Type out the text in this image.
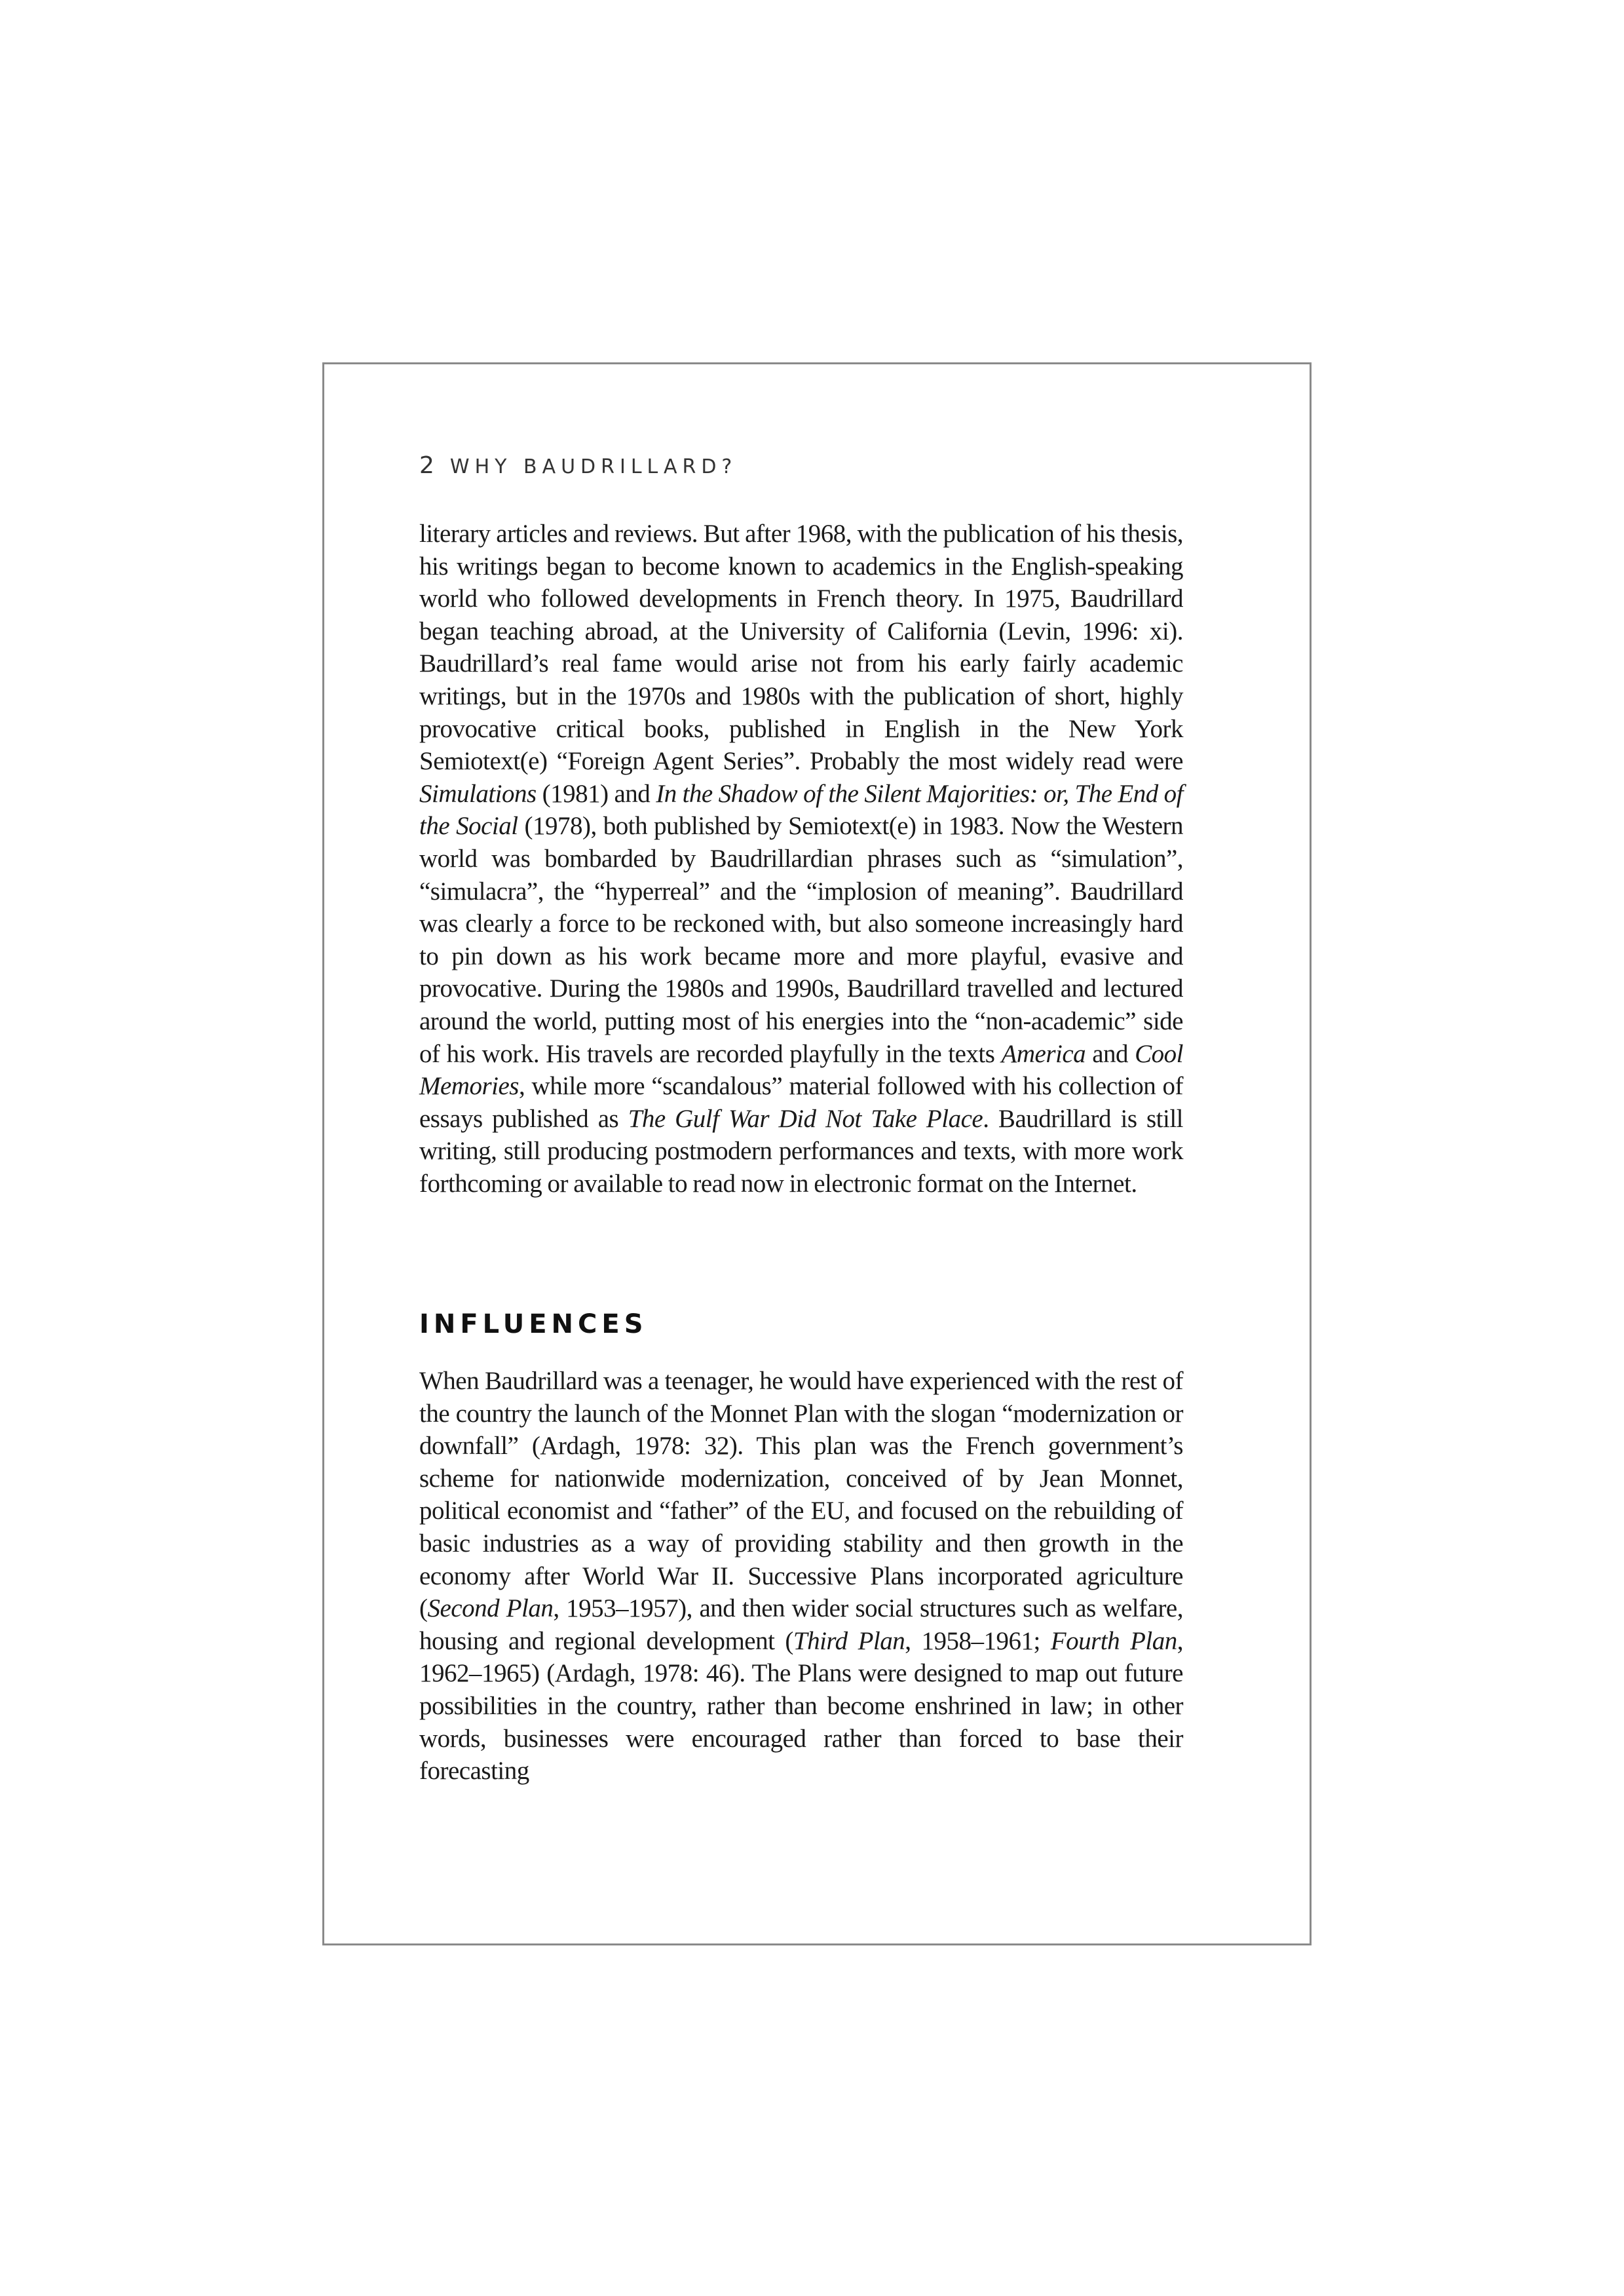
2 WHY BAUDRILLARD?

literary articles and reviews. But after 1968, with the publication of his thesis, his writings began to become known to academics in the English-speaking world who followed developments in French theory. In 1975, Baudrillard began teaching abroad, at the University of California (Levin, 1996: xi). Baudrillard’s real fame would arise not from his early fairly academic writings, but in the 1970s and 1980s with the publication of short, highly provocative critical books, published in English in the New York Semiotext(e) “Foreign Agent Series”. Probably the most widely read were Simulations (1981) and In the Shadow of the Silent Majorities: or, The End of the Social (1978), both published by Semiotext(e) in 1983. Now the Western world was bombarded by Baudrillardian phrases such as “simulation”, “simulacra”, the “hyperreal” and the “implosion of meaning”. Baudrillard was clearly a force to be reckoned with, but also someone increasingly hard to pin down as his work became more and more playful, evasive and provocative. During the 1980s and 1990s, Baudrillard travelled and lectured around the world, putting most of his energies into the “non-academic” side of his work. His travels are recorded playfully in the texts America and Cool Memories, while more “scandalous” material followed with his collection of essays published as The Gulf War Did Not Take Place. Baudrillard is still writing, still producing postmodern performances and texts, with more work forthcoming or available to read now in electronic format on the Internet.

INFLUENCES

When Baudrillard was a teenager, he would have experienced with the rest of the country the launch of the Monnet Plan with the slogan “modernization or downfall” (Ardagh, 1978: 32). This plan was the French government’s scheme for nationwide modernization, conceived of by Jean Monnet, political economist and “father” of the EU, and focused on the rebuilding of basic industries as a way of providing stability and then growth in the economy after World War II. Successive Plans incorporated agriculture (Second Plan, 1953–1957), and then wider social structures such as welfare, housing and regional development (Third Plan, 1958–1961; Fourth Plan, 1962–1965) (Ardagh, 1978: 46). The Plans were designed to map out future possibilities in the country, rather than become enshrined in law; in other words, businesses were encouraged rather than forced to base their forecasting
